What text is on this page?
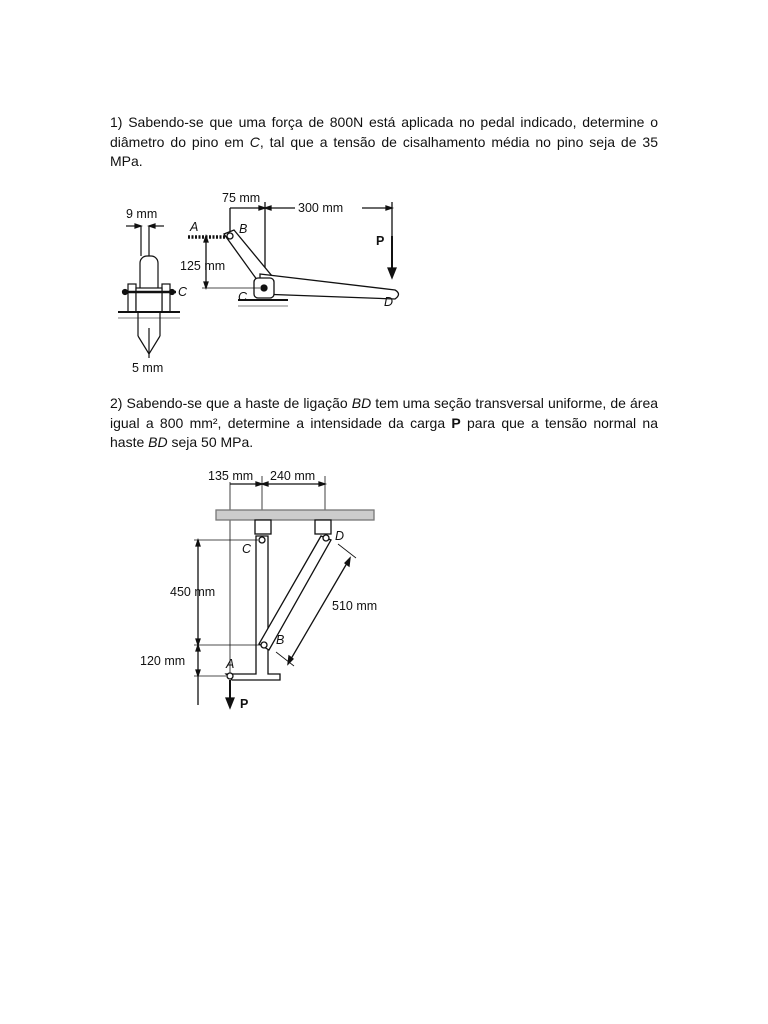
1) Sabendo-se que uma força de 800N está aplicada no pedal indicado, determine o diâmetro do pino em C, tal que a tensão de cisalhamento média no pino seja de 35 MPa.

9 mm
C
5 mm
75 mm
300 mm
A	B
125 mm
C	D
P

2) Sabendo-se que a haste de ligação BD tem uma seção transversal uniforme, de área igual a 800 mm², determine a intensidade da carga P para que a tensão normal na haste BD seja 50 MPa.

135 mm 240 mm
C
D
450 mm
510 mm
B
120 mm	A
P
